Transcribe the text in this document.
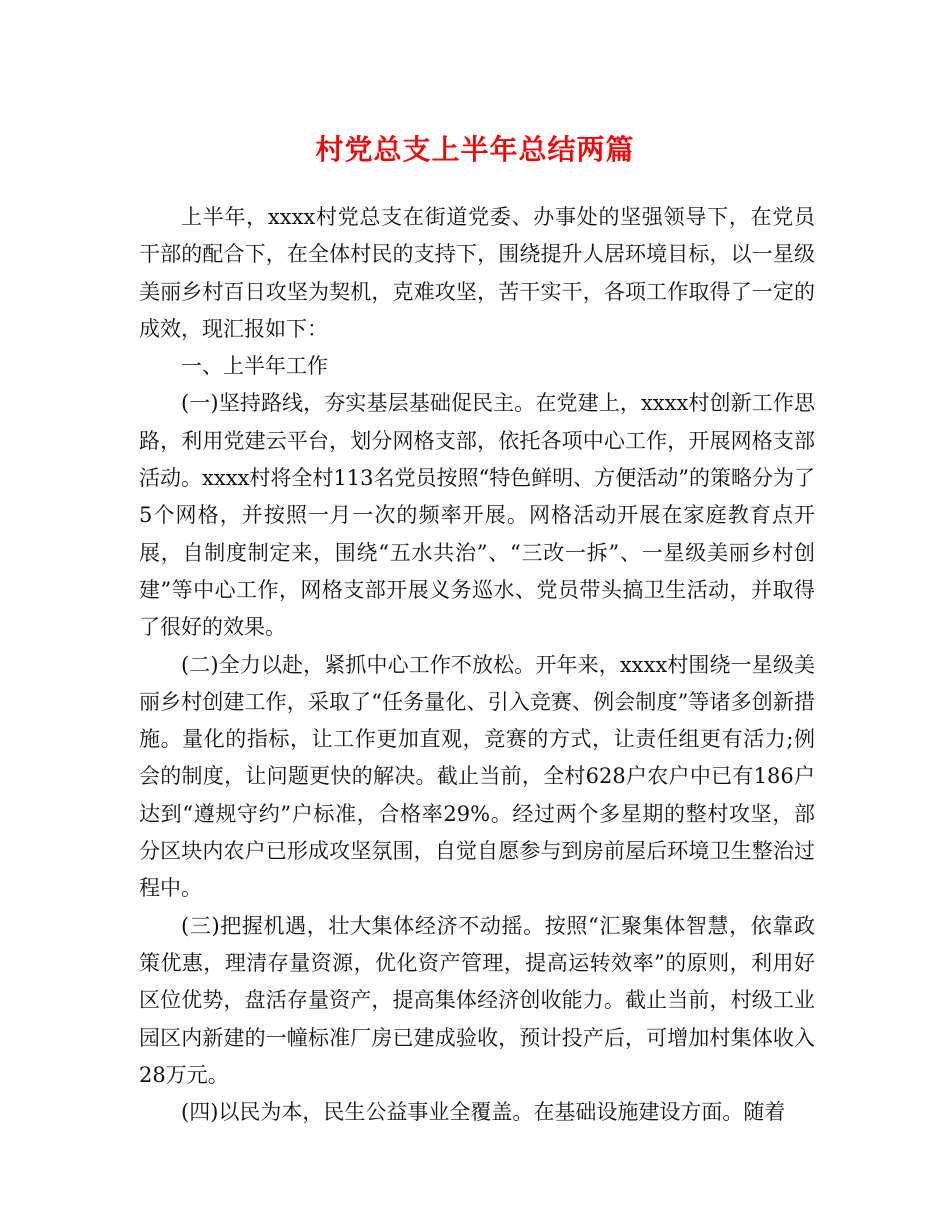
村党总支上半年总结两篇

上半年，xxxx村党总支在街道党委、办事处的坚强领导下，在党员干部的配合下，在全体村民的支持下，围绕提升人居环境目标，以一星级美丽乡村百日攻坚为契机，克难攻坚，苦干实干，各项工作取得了一定的成效，现汇报如下：

一、上半年工作

(一)坚持路线，夯实基层基础促民主。在党建上，xxxx村创新工作思路，利用党建云平台，划分网格支部，依托各项中心工作，开展网格支部活动。xxxx村将全村113名党员按照“特色鲜明、方便活动”的策略分为了5个网格，并按照一月一次的频率开展。网格活动开展在家庭教育点开展，自制度制定来，围绕“五水共治”、“三改一拆”、一星级美丽乡村创建”等中心工作，网格支部开展义务巡水、党员带头搞卫生活动，并取得了很好的效果。

(二)全力以赴，紧抓中心工作不放松。开年来，xxxx村围绕一星级美丽乡村创建工作，采取了“任务量化、引入竞赛、例会制度”等诸多创新措施。量化的指标，让工作更加直观，竞赛的方式，让责任组更有活力;例会的制度，让问题更快的解决。截止当前，全村628户农户中已有186户达到“遵规守约”户标准，合格率29%。经过两个多星期的整村攻坚，部分区块内农户已形成攻坚氛围，自觉自愿参与到房前屋后环境卫生整治过程中。

(三)把握机遇，壮大集体经济不动摇。按照“汇聚集体智慧，依靠政策优惠，理清存量资源，优化资产管理，提高运转效率”的原则，利用好区位优势，盘活存量资产，提高集体经济创收能力。截止当前，村级工业园区内新建的一幢标准厂房已建成验收，预计投产后，可增加村集体收入28万元。

(四)以民为本，民生公益事业全覆盖。在基础设施建设方面。随着
